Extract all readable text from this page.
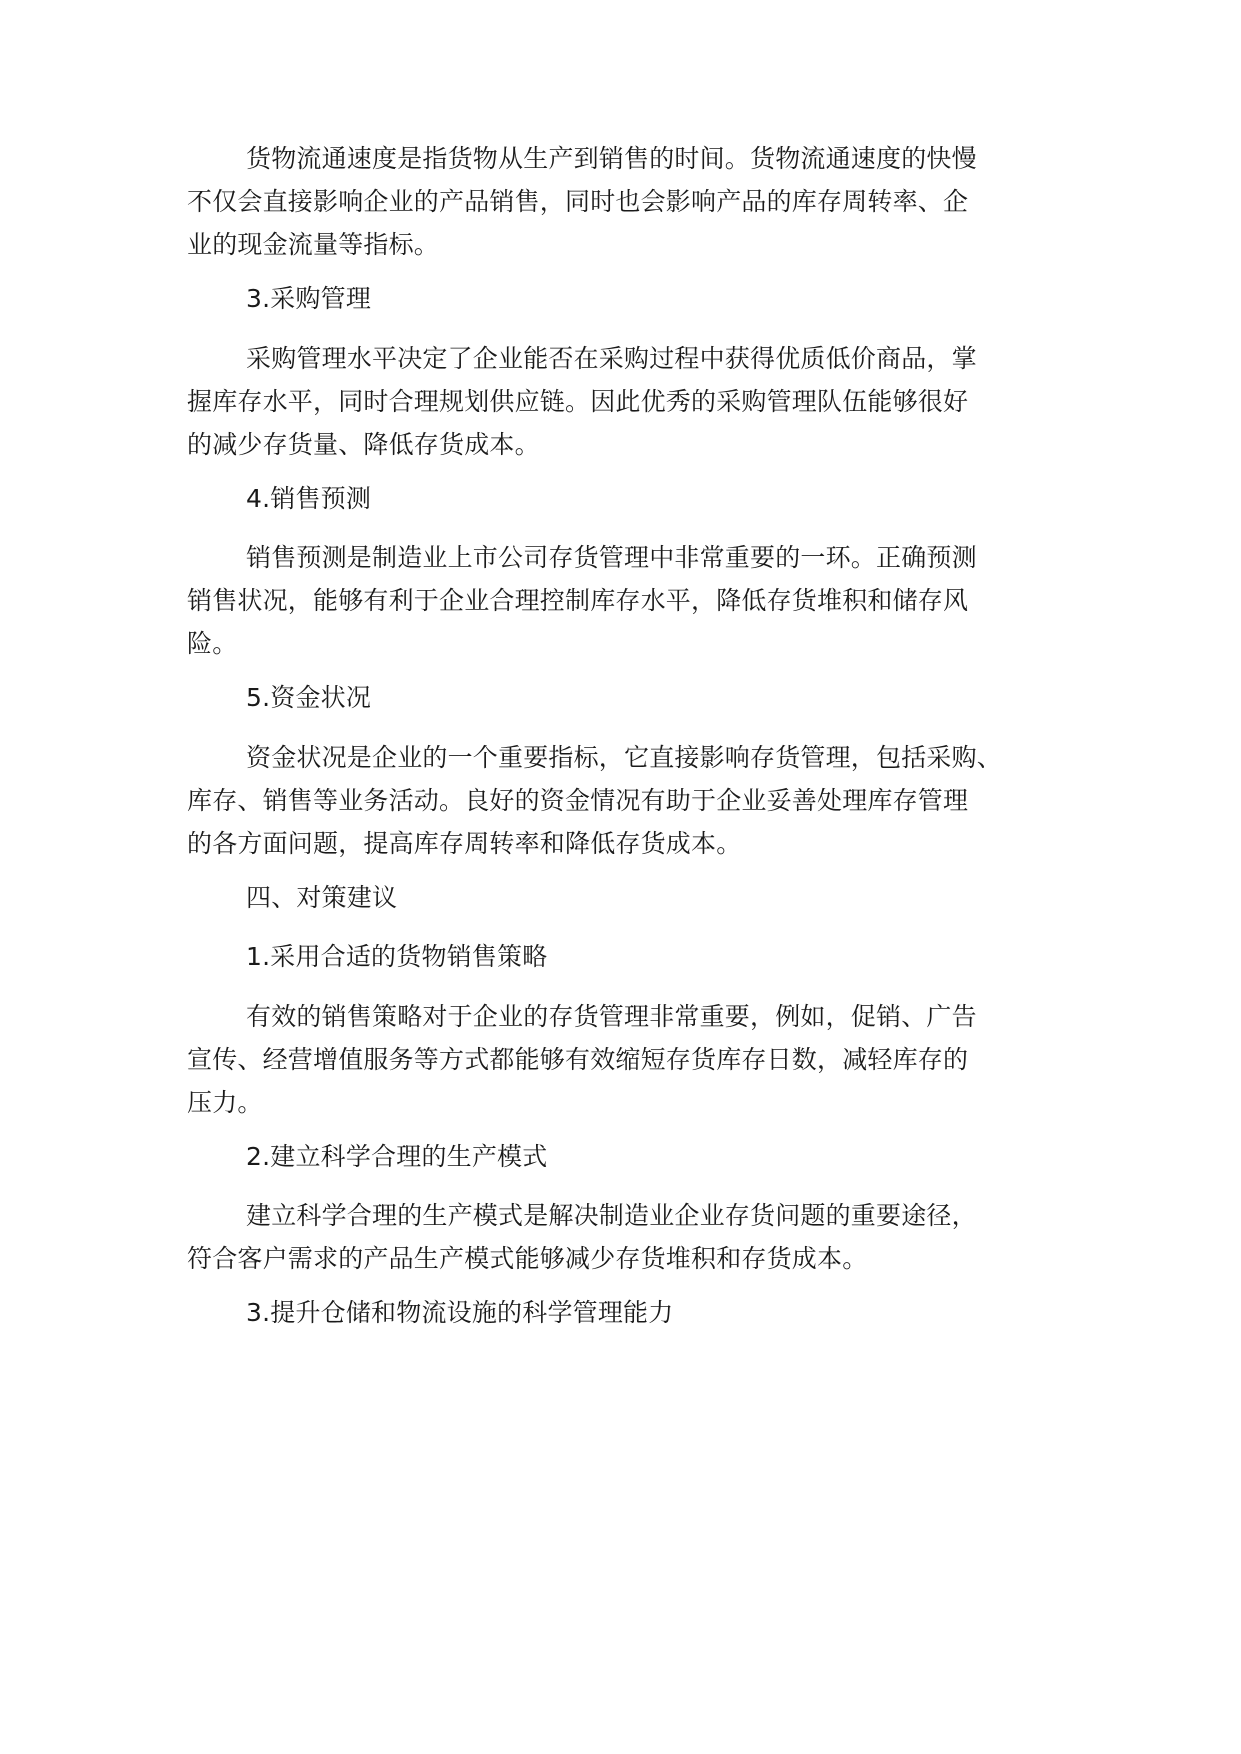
货物流通速度是指货物从生产到销售的时间。货物流通速度的快慢
不仅会直接影响企业的产品销售，同时也会影响产品的库存周转率、企
业的现金流量等指标。
3.采购管理
采购管理水平决定了企业能否在采购过程中获得优质低价商品，掌
握库存水平，同时合理规划供应链。因此优秀的采购管理队伍能够很好
的减少存货量、降低存货成本。
4.销售预测
销售预测是制造业上市公司存货管理中非常重要的一环。正确预测
销售状况，能够有利于企业合理控制库存水平，降低存货堆积和储存风
险。
5.资金状况
资金状况是企业的一个重要指标，它直接影响存货管理，包括采购、
库存、销售等业务活动。良好的资金情况有助于企业妥善处理库存管理
的各方面问题，提高库存周转率和降低存货成本。
四、对策建议
1.采用合适的货物销售策略
有效的销售策略对于企业的存货管理非常重要，例如，促销、广告
宣传、经营增值服务等方式都能够有效缩短存货库存日数，减轻库存的
压力。
2.建立科学合理的生产模式
建立科学合理的生产模式是解决制造业企业存货问题的重要途径，
符合客户需求的产品生产模式能够减少存货堆积和存货成本。
3.提升仓储和物流设施的科学管理能力
